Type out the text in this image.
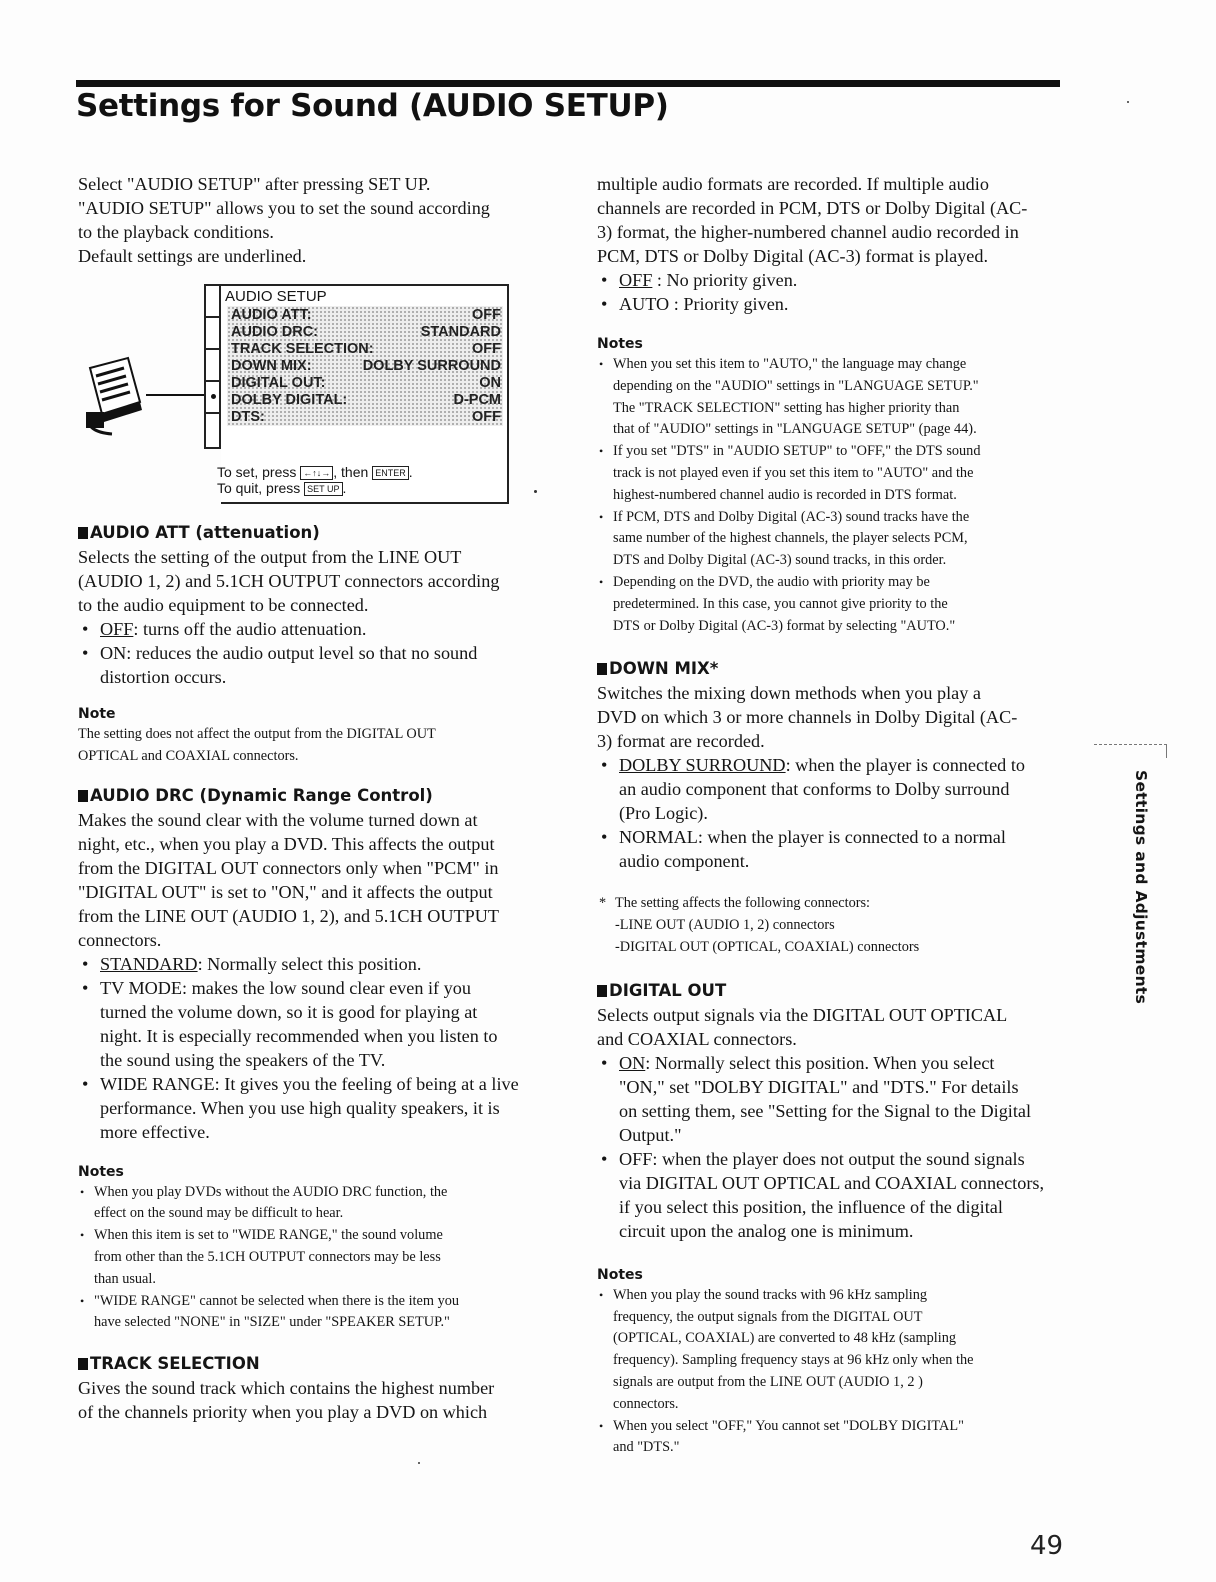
Settings for Sound (AUDIO SETUP)

Select "AUDIO SETUP" after pressing SET UP.
"AUDIO SETUP" allows you to set the sound according
to the playback conditions.
Default settings are underlined.

AUDIO SETUP
AUDIO ATT:	OFF
AUDIO DRC:	STANDARD
TRACK SELECTION:	OFF
DOWN MIX:	DOLBY SURROUND
DIGITAL OUT:	ON
DOLBY DIGITAL:	D-PCM
DTS:	OFF
To set, press ←↑↓→ , then ENTER .
To quit, press SET UP .
AUDIO ATT (attenuation)

Selects the setting of the output from the LINE OUT
(AUDIO 1, 2) and 5.1CH OUTPUT connectors according
to the audio equipment to be connected.

• OFF: turns off the audio attenuation.
• ON: reduces the audio output level so that no sound
distortion occurs.
Note

The setting does not affect the output from the DIGITAL OUT
OPTICAL and COAXIAL connectors.

AUDIO DRC (Dynamic Range Control)

Makes the sound clear with the volume turned down at
night, etc., when you play a DVD. This affects the output
from the DIGITAL OUT connectors only when "PCM" in
"DIGITAL OUT" is set to "ON," and it affects the output
from the LINE OUT (AUDIO 1, 2), and 5.1CH OUTPUT
connectors.

• STANDARD: Normally select this position.
• TV MODE: makes the low sound clear even if you
turned the volume down, so it is good for playing at
night. It is especially recommended when you listen to
the sound using the speakers of the TV.
• WIDE RANGE: It gives you the feeling of being at a live
performance. When you use high quality speakers, it is
more effective.
Notes
• When you play DVDs without the AUDIO DRC function, the
effect on the sound may be difficult to hear.
• When this item is set to "WIDE RANGE," the sound volume
from other than the 5.1CH OUTPUT connectors may be less
than usual.
• "WIDE RANGE" cannot be selected when there is the item you
have selected "NONE" in "SIZE" under "SPEAKER SETUP."
TRACK SELECTION

Gives the sound track which contains the highest number
of the channels priority when you play a DVD on which

multiple audio formats are recorded. If multiple audio
channels are recorded in PCM, DTS or Dolby Digital (AC-
3) format, the higher-numbered channel audio recorded in
PCM, DTS or Dolby Digital (AC-3) format is played.

• OFF : No priority given.
• AUTO : Priority given.
Notes
• When you set this item to "AUTO," the language may change
depending on the "AUDIO" settings in "LANGUAGE SETUP."
The "TRACK SELECTION" setting has higher priority than
that of "AUDIO" settings in "LANGUAGE SETUP" (page 44).
• If you set "DTS" in "AUDIO SETUP" to "OFF," the DTS sound
track is not played even if you set this item to "AUTO" and the
highest-numbered channel audio is recorded in DTS format.
• If PCM, DTS and Dolby Digital (AC-3) sound tracks have the
same number of the highest channels, the player selects PCM,
DTS and Dolby Digital (AC-3) sound tracks, in this order.
• Depending on the DVD, the audio with priority may be
predetermined. In this case, you cannot give priority to the
DTS or Dolby Digital (AC-3) format by selecting "AUTO."
DOWN MIX*

Switches the mixing down methods when you play a
DVD on which 3 or more channels in Dolby Digital (AC-
3) format are recorded.

• DOLBY SURROUND: when the player is connected to
an audio component that conforms to Dolby surround
(Pro Logic).
• NORMAL: when the player is connected to a normal
audio component.
* The setting affects the following connectors:
-LINE OUT (AUDIO 1, 2) connectors
-DIGITAL OUT (OPTICAL, COAXIAL) connectors
DIGITAL OUT

Selects output signals via the DIGITAL OUT OPTICAL
and COAXIAL connectors.

• ON: Normally select this position. When you select
"ON," set "DOLBY DIGITAL" and "DTS." For details
on setting them, see "Setting for the Signal to the Digital
Output."
• OFF: when the player does not output the sound signals
via DIGITAL OUT OPTICAL and COAXIAL connectors,
if you select this position, the influence of the digital
circuit upon the analog one is minimum.
Notes
• When you play the sound tracks with 96 kHz sampling
frequency, the output signals from the DIGITAL OUT
(OPTICAL, COAXIAL) are converted to 48 kHz (sampling
frequency). Sampling frequency stays at 96 kHz only when the
signals are output from the LINE OUT (AUDIO 1, 2 )
connectors.
• When you select "OFF," You cannot set "DOLBY DIGITAL"
and "DTS."
Settings and Adjustments
49
